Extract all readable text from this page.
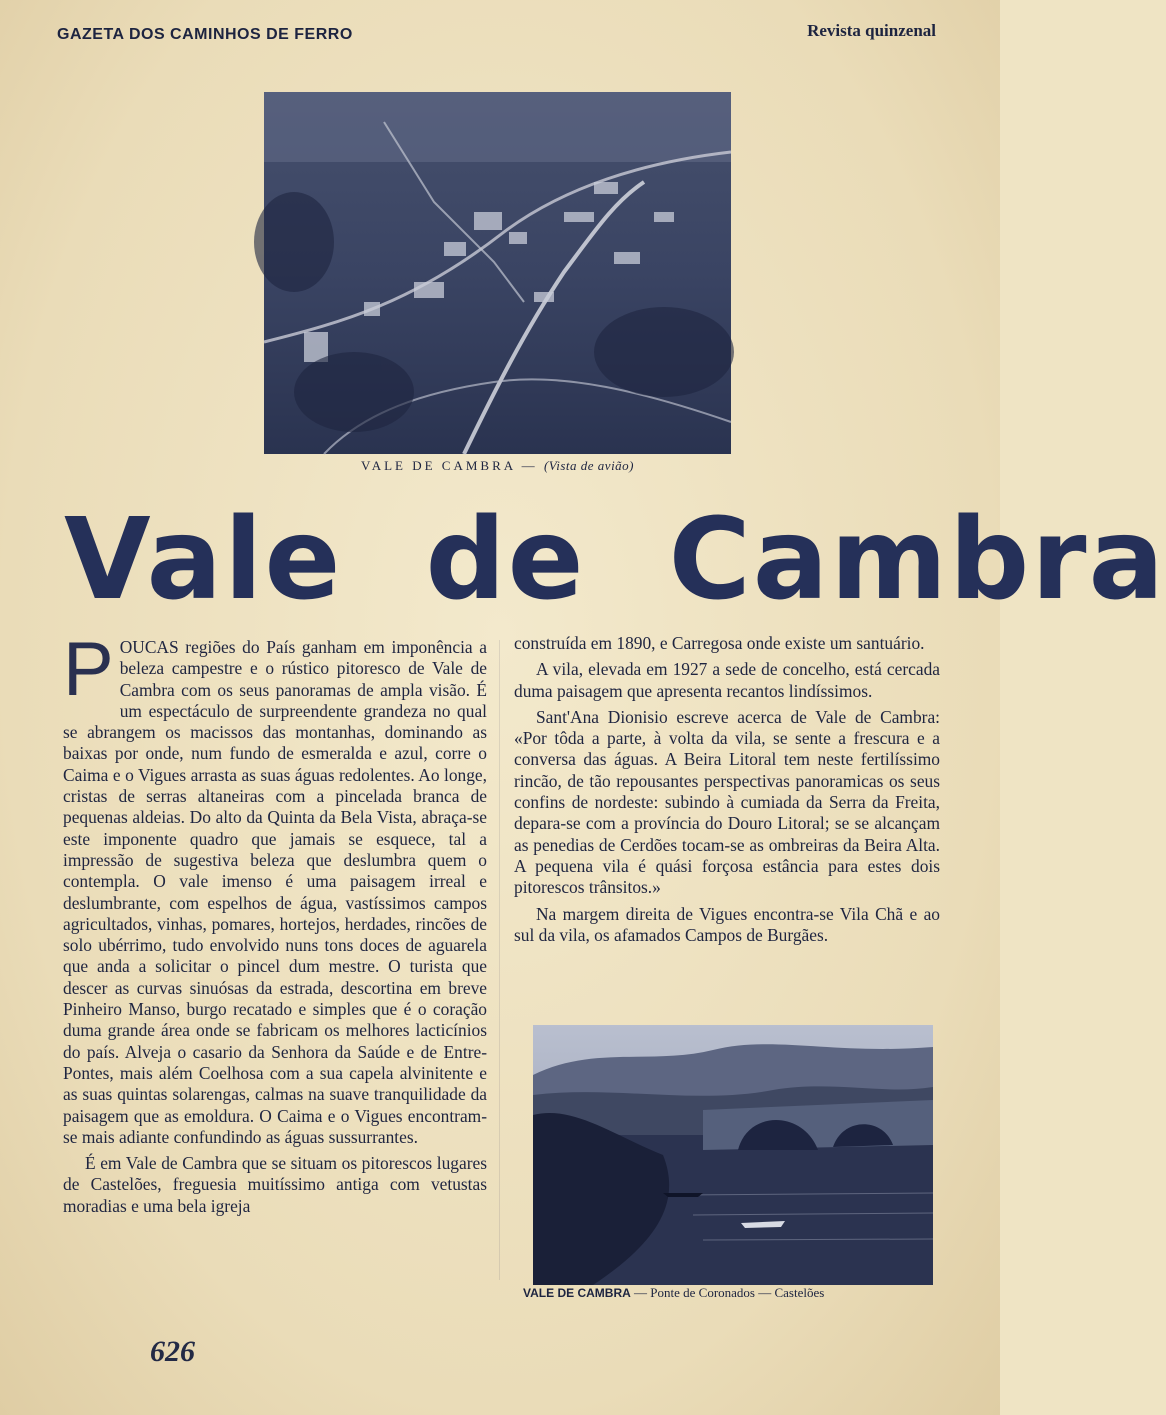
GAZETA DOS CAMINHOS DE FERRO	Revista quinzenal
VALE DE CAMBRA — (Vista de avião)
Vale de Cambra

POUCAS regiões do País ganham em imponência a beleza campestre e o rústico pitoresco de Vale de Cambra com os seus panoramas de ampla visão. É um espectáculo de surpreendente grandeza no qual se abrangem os macissos das montanhas, dominando as baixas por onde, num fundo de esmeralda e azul, corre o Caima e o Vigues arrasta as suas águas redolentes. Ao longe, cristas de serras altaneiras com a pincelada branca de pequenas aldeias. Do alto da Quinta da Bela Vista, abraça-se este imponente quadro que jamais se esquece, tal a impressão de sugestiva beleza que deslumbra quem o contempla. O vale imenso é uma paisagem irreal e deslumbrante, com espelhos de água, vastíssimos campos agricultados, vinhas, pomares, hortejos, herdades, rincões de solo ubérrimo, tudo envolvido nuns tons doces de aguarela que anda a solicitar o pincel dum mestre. O turista que descer as curvas sinuósas da estrada, descortina em breve Pinheiro Manso, burgo recatado e simples que é o coração duma grande área onde se fabricam os melhores lacticínios do país. Alveja o casario da Senhora da Saúde e de Entre-Pontes, mais além Coelhosa com a sua capela alvinitente e as suas quintas solarengas, calmas na suave tranquilidade da paisagem que as emoldura. O Caima e o Vigues encontram-se mais adiante confundindo as águas sussurrantes.

É em Vale de Cambra que se situam os pitorescos lugares de Castelões, freguesia muitíssimo antiga com vetustas moradias e uma bela igreja

construída em 1890, e Carregosa onde existe um santuário.

A vila, elevada em 1927 a sede de concelho, está cercada duma paisagem que apresenta recantos lindíssimos.

Sant'Ana Dionisio escreve acerca de Vale de Cambra: «Por tôda a parte, à volta da vila, se sente a frescura e a conversa das águas. A Beira Litoral tem neste fertilíssimo rincão, de tão repousantes perspectivas panoramicas os seus confins de nordeste: subindo à cumiada da Serra da Freita, depara-se com a província do Douro Litoral; se se alcançam as penedias de Cerdões tocam-se as ombreiras da Beira Alta. A pequena vila é quási forçosa estância para estes dois pitorescos trânsitos.»

Na margem direita de Vigues encontra-se Vila Chã e ao sul da vila, os afamados Campos de Burgães.

VALE DE CAMBRA — Ponte de Coronados — Castelões
626
